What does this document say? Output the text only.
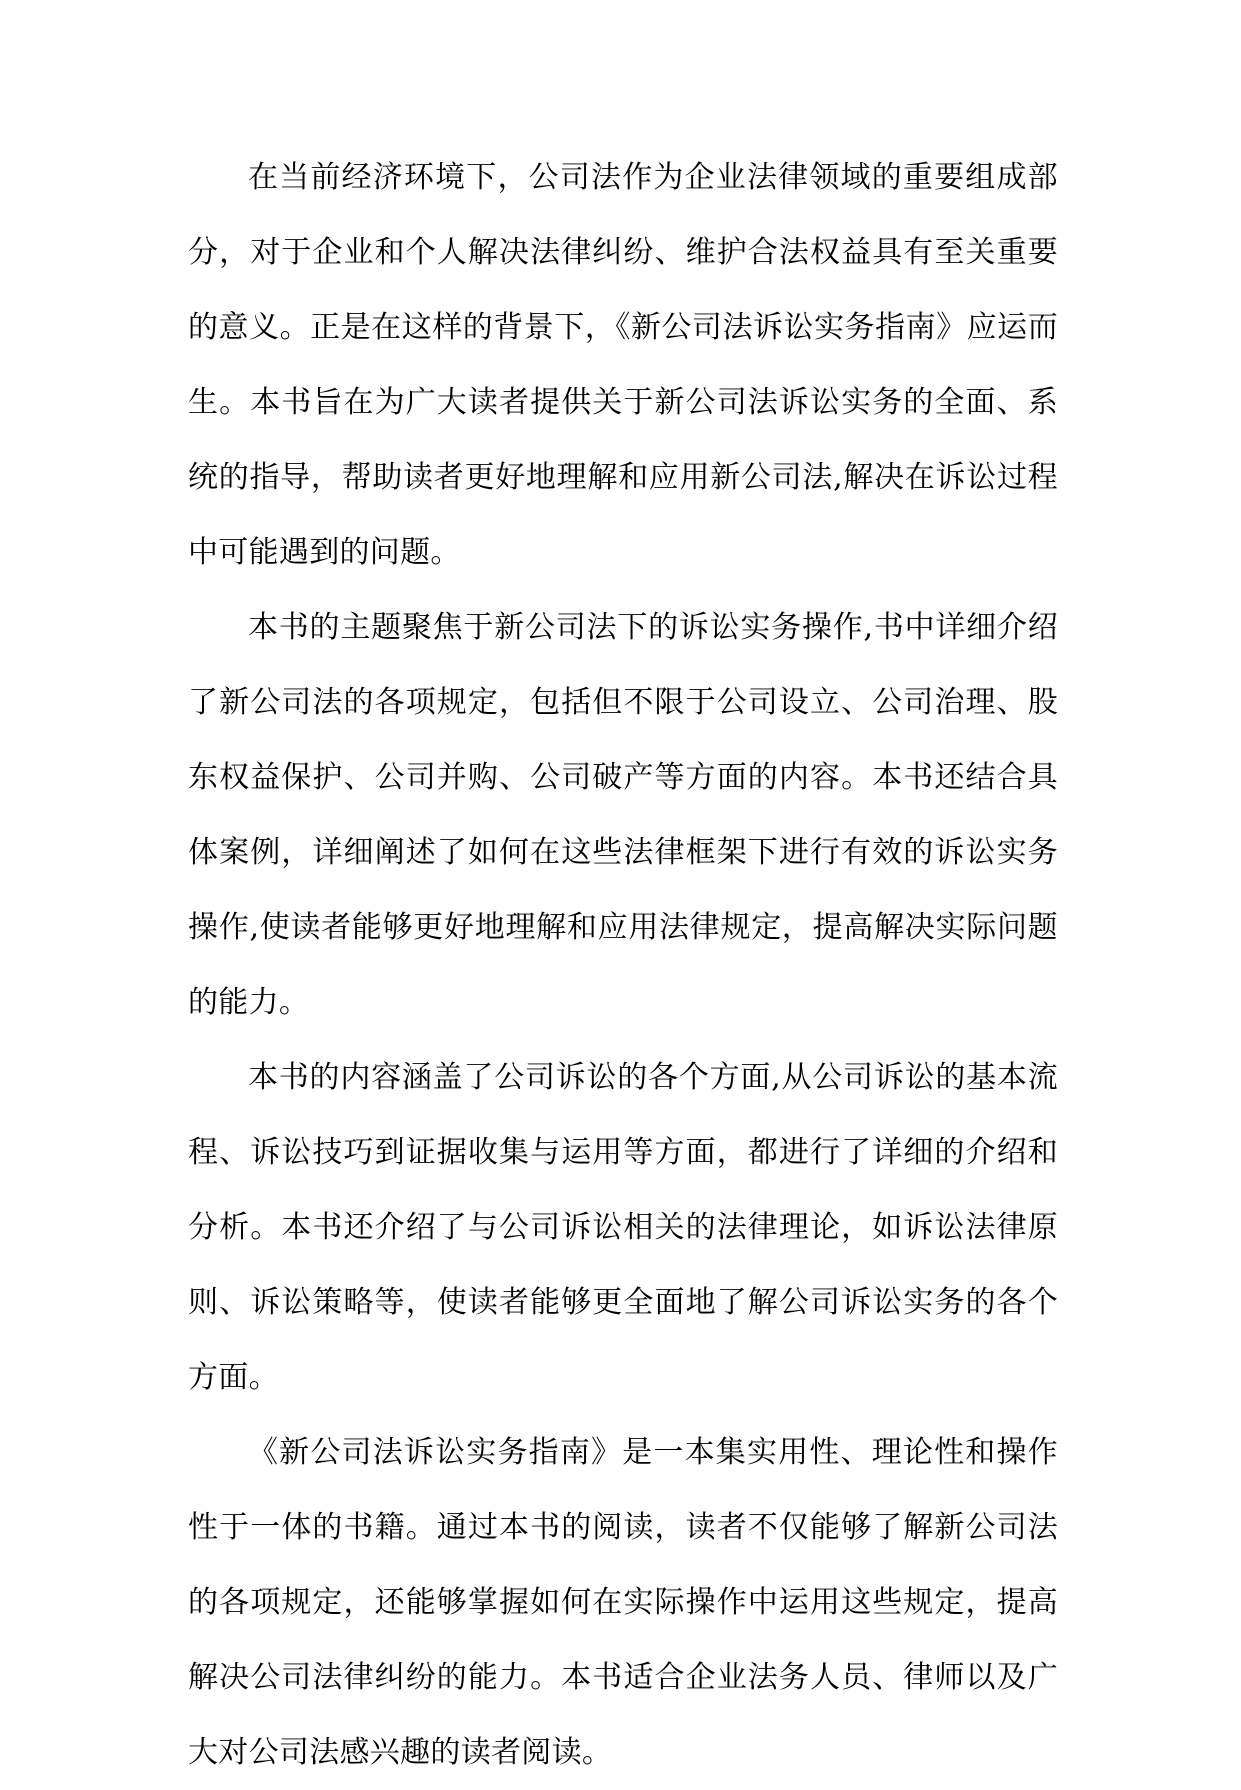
在当前经济环境下，公司法作为企业法律领域的重要组成部分，对于企业和个人解决法律纠纷、维护合法权益具有至关重要的意义。正是在这样的背景下，《新公司法诉讼实务指南》应运而生。本书旨在为广大读者提供关于新公司法诉讼实务的全面、系统的指导，帮助读者更好地理解和应用新公司法,解决在诉讼过程中可能遇到的问题。

本书的主题聚焦于新公司法下的诉讼实务操作,书中详细介绍了新公司法的各项规定，包括但不限于公司设立、公司治理、股东权益保护、公司并购、公司破产等方面的内容。本书还结合具体案例，详细阐述了如何在这些法律框架下进行有效的诉讼实务操作,使读者能够更好地理解和应用法律规定，提高解决实际问题的能力。

本书的内容涵盖了公司诉讼的各个方面,从公司诉讼的基本流程、诉讼技巧到证据收集与运用等方面，都进行了详细的介绍和分析。本书还介绍了与公司诉讼相关的法律理论，如诉讼法律原则、诉讼策略等，使读者能够更全面地了解公司诉讼实务的各个方面。

《新公司法诉讼实务指南》是一本集实用性、理论性和操作性于一体的书籍。通过本书的阅读，读者不仅能够了解新公司法的各项规定，还能够掌握如何在实际操作中运用这些规定，提高解决公司法律纠纷的能力。本书适合企业法务人员、律师以及广大对公司法感兴趣的读者阅读。
